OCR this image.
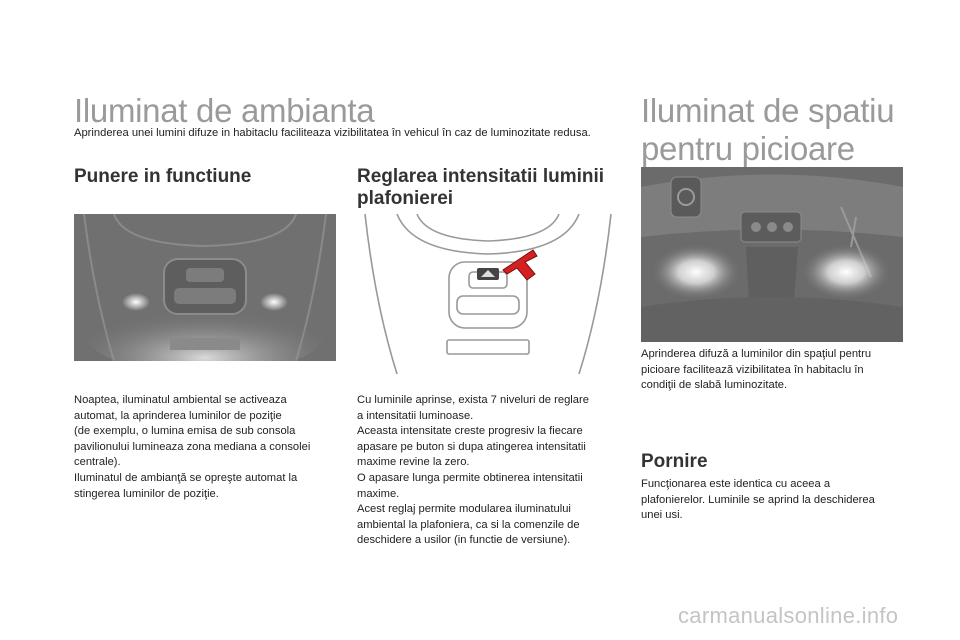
Iluminat de ambianta

Aprinderea unei lumini difuze in habitaclu faciliteaza vizibilitatea în vehicul în caz de luminozitate redusa.

Punere in functiune

Noaptea, iluminatul ambiental se activeaza
automat, la aprinderea luminilor de poziţie
(de exemplu, o lumina emisa de sub consola
pavilionului lumineaza zona mediana a consolei
centrale).
Iluminatul de ambianţă se opreşte automat la
stingerea luminilor de poziţie.

Reglarea intensitatii luminii
plafonierei

Cu luminile aprinse, exista 7 niveluri de reglare
a intensitatii luminoase.
Aceasta intensitate creste progresiv la fiecare
apasare pe buton si dupa atingerea intensitatii
maxime revine la zero.
O apasare lunga permite obtinerea intensitatii
maxime.
Acest reglaj permite modularea iluminatului
ambiental la plafoniera, ca si la comenzile de
deschidere a usilor (in functie de versiune).

Iluminat de spatiu
pentru picioare

Aprinderea difuză a luminilor din spaţiul pentru
picioare facilitează vizibilitatea în habitaclu în
condiţii de slabă luminozitate.

Pornire

Funcţionarea este identica cu aceea a
plafonierelor. Luminile se aprind la deschiderea
unei usi.

carmanualsonline.info
